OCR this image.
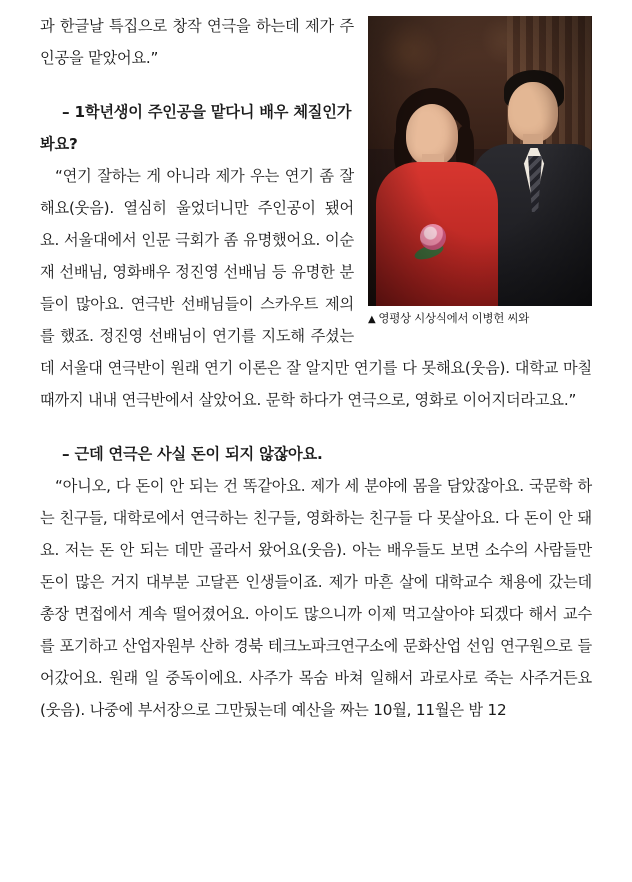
▲ 영평상 시상식에서 이병헌 씨와

과 한글날 특집으로 창작 연극을 하는데 제가 주인공을 맡았어요.”

– 1학년생이 주인공을 맡다니 배우 체질인가 봐요?

“연기 잘하는 게 아니라 제가 우는 연기 좀 잘해요(웃음). 열심히 울었더니만 주인공이 됐어요. 서울대에서 인문 극회가 좀 유명했어요. 이순재 선배님, 영화배우 정진영 선배님 등 유명한 분들이 많아요. 연극반 선배님들이 스카우트 제의를 했죠. 정진영 선배님이 연기를 지도해 주셨는데 서울대 연극반이 원래 연기 이론은 잘 알지만 연기를 다 못해요(웃음). 대학교 마칠 때까지 내내 연극반에서 살았어요. 문학 하다가 연극으로, 영화로 이어지더라고요.”

– 근데 연극은 사실 돈이 되지 않잖아요.

“아니오, 다 돈이 안 되는 건 똑같아요. 제가 세 분야에 몸을 담았잖아요. 국문학 하는 친구들, 대학로에서 연극하는 친구들, 영화하는 친구들 다 못살아요. 다 돈이 안 돼요. 저는 돈 안 되는 데만 골라서 왔어요(웃음). 아는 배우들도 보면 소수의 사람들만 돈이 많은 거지 대부분 고달픈 인생들이죠. 제가 마흔 살에 대학교수 채용에 갔는데 총장 면접에서 계속 떨어졌어요. 아이도 많으니까 이제 먹고살아야 되겠다 해서 교수를 포기하고 산업자원부 산하 경북 테크노파크연구소에 문화산업 선임 연구원으로 들어갔어요. 원래 일 중독이에요. 사주가 목숨 바쳐 일해서 과로사로 죽는 사주거든요(웃음). 나중에 부서장으로 그만뒀는데 예산을 짜는 10월, 11월은 밤 12
